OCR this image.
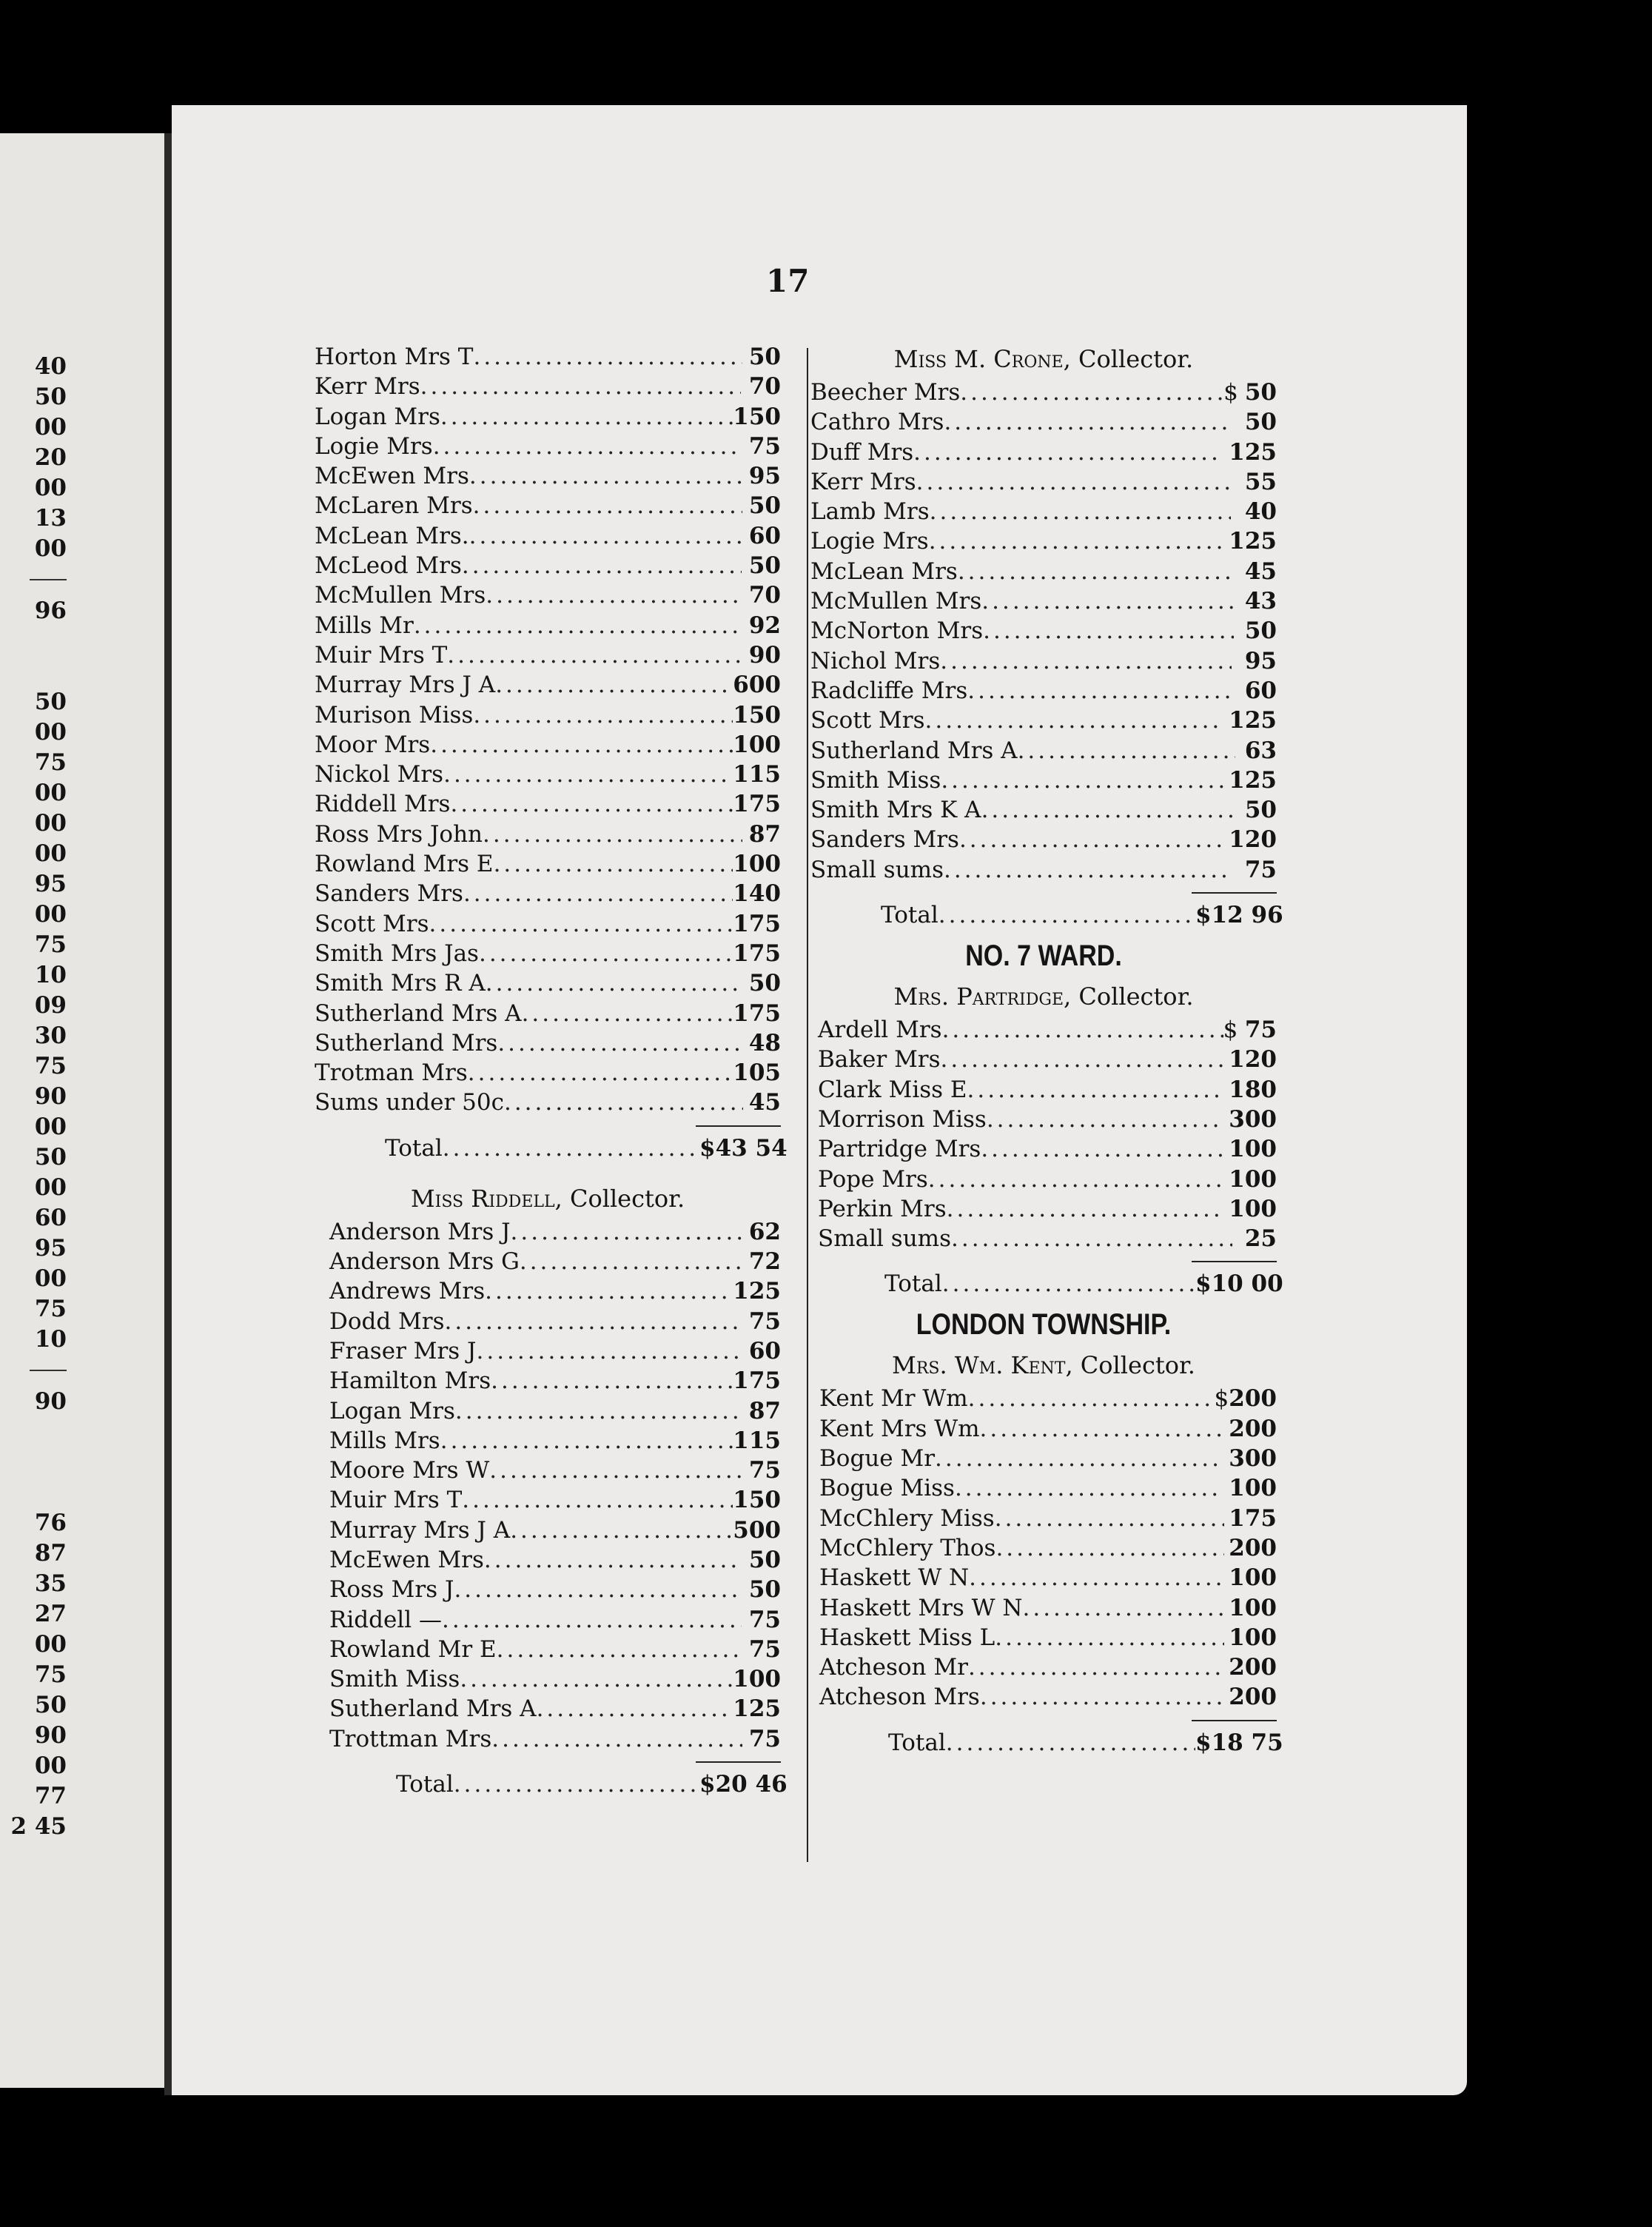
40
50
00
20
00
13
00
96
50
00
75
00
00
00
95
00
75
10
09
30
75
90
00
50
00
60
95
00
75
10
90
76
87
35
27
00
75
50
90
00
77
2 45
17
Horton Mrs T .....	50
Kerr Mrs .....	70
Logan Mrs .....	1 50
Logie Mrs .....	75
McEwen Mrs .....	95
McLaren Mrs .....	50
McLean Mrs. .....	60
McLeod Mrs .....	50
McMullen Mrs .....	70
Mills Mr .....	92
Muir Mrs T .....	90
Murray Mrs J A .....	6 00
Murison Miss .....	1 50
Moor Mrs .....	1 00
Nickol Mrs .....	1 15
Riddell Mrs .....	1 75
Ross Mrs John .....	87
Rowland Mrs E .....	1 00
Sanders Mrs .....	1 40
Scott Mrs .....	1 75
Smith Mrs Jas .....	1 75
Smith Mrs R A .....	50
Sutherland Mrs A .....	1 75
Sutherland Mrs .....	48
Trotman Mrs .....	1 05
Sums under 50c .....	45
Total .....	$43 54
Miss Riddell, Collector.
Anderson Mrs J .....	62
Anderson Mrs G .....	72
Andrews Mrs .....	1 25
Dodd Mrs .....	75
Fraser Mrs J .....	60
Hamilton Mrs .....	1 75
Logan Mrs .....	87
Mills Mrs .....	1 15
Moore Mrs W .....	75
Muir Mrs T .....	1 50
Murray Mrs J A .....	5 00
McEwen Mrs .....	50
Ross Mrs J .....	50
Riddell — .....	75
Rowland Mr E .....	75
Smith Miss .....	1 00
Sutherland Mrs A .....	1 25
Trottman Mrs .....	75
Total .....	$20 46
Miss M. Crone, Collector.
Beecher Mrs .....	$ 50
Cathro Mrs .....	50
Duff Mrs .....	1 25
Kerr Mrs .....	55
Lamb Mrs .....	40
Logie Mrs .....	1 25
McLean Mrs .....	45
McMullen Mrs .....	43
McNorton Mrs .....	50
Nichol Mrs .....	95
Radcliffe Mrs .....	60
Scott Mrs .....	1 25
Sutherland Mrs A .....	63
Smith Miss .....	1 25
Smith Mrs K A .....	50
Sanders Mrs .....	1 20
Small sums .....	75
Total .....	$12 96
NO. 7 WARD.
Mrs. Partridge, Collector.
Ardell Mrs .....	$ 75
Baker Mrs .....	1 20
Clark Miss E .....	1 80
Morrison Miss .....	3 00
Partridge Mrs .....	1 00
Pope Mrs .....	1 00
Perkin Mrs .....	1 00
Small sums .....	25
Total .....	$10 00
LONDON TOWNSHIP.
Mrs. Wm. Kent, Collector.
Kent Mr Wm .....	$ 2 00
Kent Mrs Wm .....	2 00
Bogue Mr .....	3 00
Bogue Miss .....	1 00
McChlery Miss .....	1 75
McChlery Thos .....	2 00
Haskett W N .....	1 00
Haskett Mrs W N .....	1 00
Haskett Miss L .....	1 00
Atcheson Mr .....	2 00
Atcheson Mrs .....	2 00
Total .....	$18 75
